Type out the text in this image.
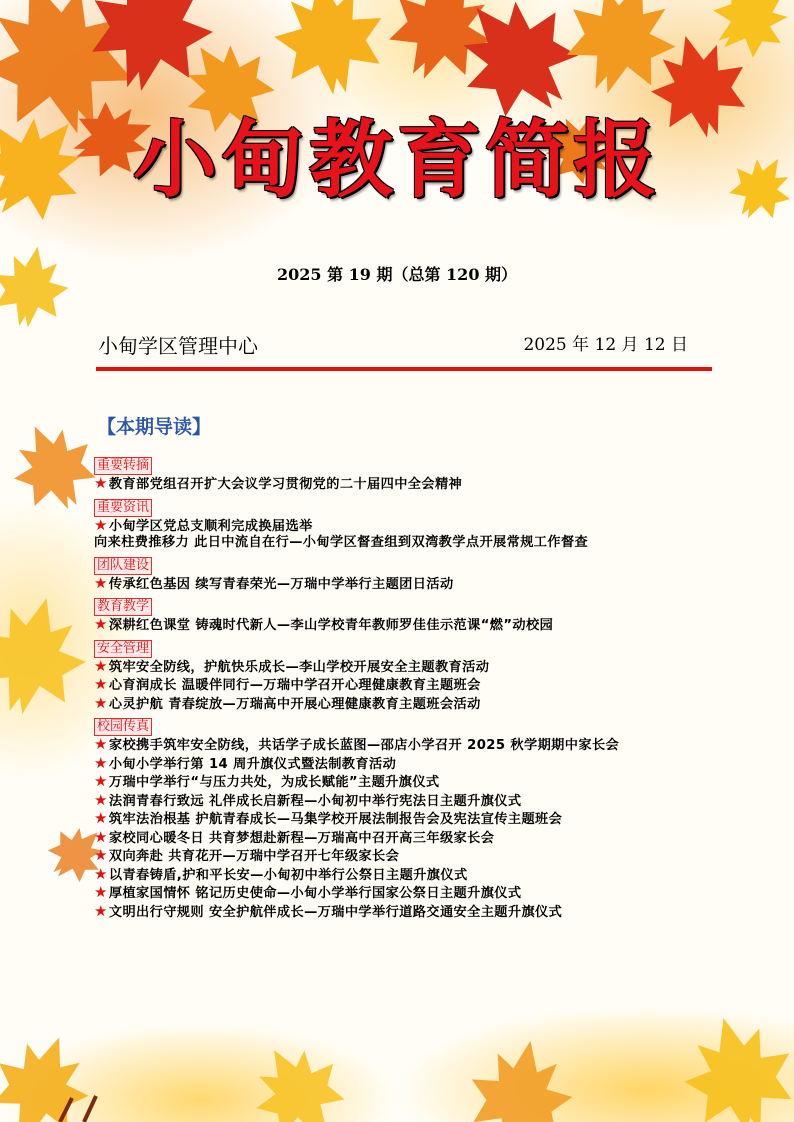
小甸教育简报
2025 第 19 期（总第 120 期）
小甸学区管理中心	2025 年 12 月 12 日
【本期导读】
重要转摘
★教育部党组召开扩大会议学习贯彻党的二十届四中全会精神
重要资讯
★小甸学区党总支顺利完成换届选举
向来柱费推移力 此日中流自在行—小甸学区督查组到双湾教学点开展常规工作督查
团队建设
★传承红色基因 续写青春荣光—万瑞中学举行主题团日活动
教育教学
★深耕红色课堂 铸魂时代新人—李山学校青年教师罗佳佳示范课“燃”动校园
安全管理
★筑牢安全防线，护航快乐成长—李山学校开展安全主题教育活动
★心育润成长 温暖伴同行—万瑞中学召开心理健康教育主题班会
★心灵护航 青春绽放—万瑞高中开展心理健康教育主题班会活动
校园传真
★家校携手筑牢安全防线，共话学子成长蓝图—邵店小学召开 2025 秋学期期中家长会
★小甸小学举行第 14 周升旗仪式暨法制教育活动
★万瑞中学举行“与压力共处，为成长赋能”主题升旗仪式
★法润青春行致远 礼伴成长启新程—小甸初中举行宪法日主题升旗仪式
★筑牢法治根基 护航青春成长—马集学校开展法制报告会及宪法宣传主题班会
★家校同心暖冬日 共育梦想赴新程—万瑞高中召开高三年级家长会
★双向奔赴 共育花开—万瑞中学召开七年级家长会
★以青春铸盾,护和平长安—小甸初中举行公祭日主题升旗仪式
★厚植家国情怀 铭记历史使命—小甸小学举行国家公祭日主题升旗仪式
★文明出行守规则 安全护航伴成长—万瑞中学举行道路交通安全主题升旗仪式
